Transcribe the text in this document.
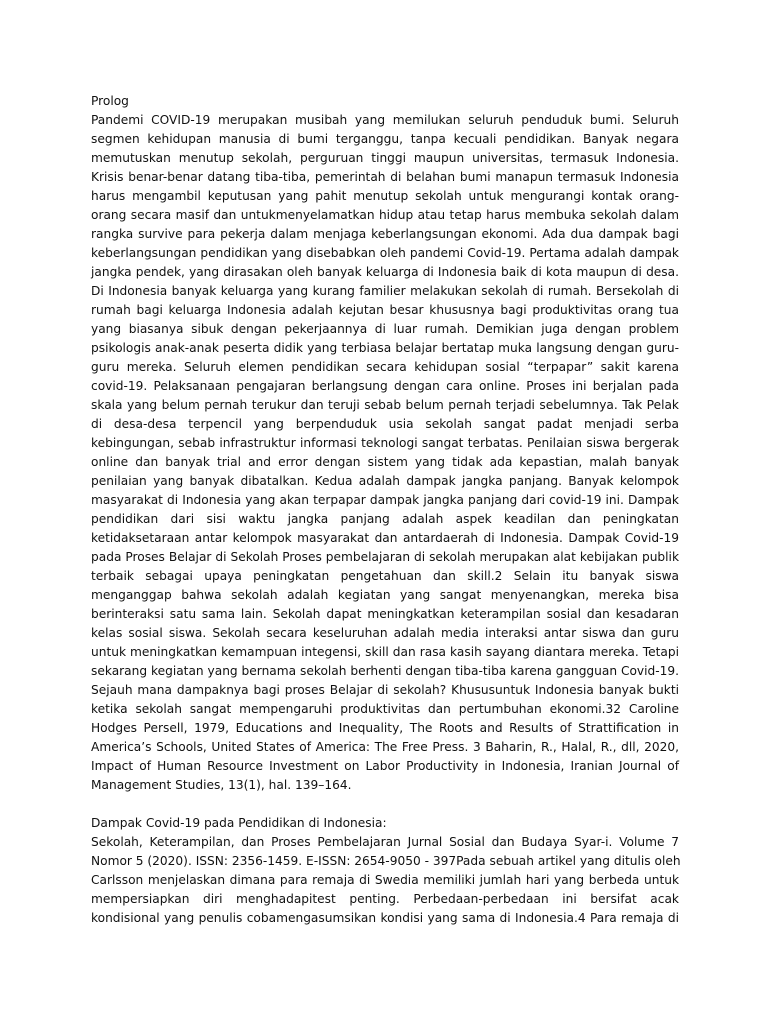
Prolog

Pandemi COVID-19 merupakan musibah yang memilukan seluruh penduduk bumi. Seluruh
segmen kehidupan manusia di bumi terganggu, tanpa kecuali pendidikan. Banyak negara
memutuskan menutup sekolah, perguruan tinggi maupun universitas, termasuk Indonesia.
Krisis benar-benar datang tiba-tiba, pemerintah di belahan bumi manapun termasuk Indonesia
harus mengambil keputusan yang pahit menutup sekolah untuk mengurangi kontak orang-
orang secara masif dan untukmenyelamatkan hidup atau tetap harus membuka sekolah dalam
rangka survive para pekerja dalam menjaga keberlangsungan ekonomi. Ada dua dampak bagi
keberlangsungan pendidikan yang disebabkan oleh pandemi Covid-19. Pertama adalah dampak
jangka pendek, yang dirasakan oleh banyak keluarga di Indonesia baik di kota maupun di desa.
Di Indonesia banyak keluarga yang kurang familier melakukan sekolah di rumah. Bersekolah di
rumah bagi keluarga Indonesia adalah kejutan besar khususnya bagi produktivitas orang tua
yang biasanya sibuk dengan pekerjaannya di luar rumah. Demikian juga dengan problem
psikologis anak-anak peserta didik yang terbiasa belajar bertatap muka langsung dengan guru-
guru mereka. Seluruh elemen pendidikan secara kehidupan sosial “terpapar” sakit karena
covid-19. Pelaksanaan pengajaran berlangsung dengan cara online. Proses ini berjalan pada
skala yang belum pernah terukur dan teruji sebab belum pernah terjadi sebelumnya. Tak Pelak
di desa-desa terpencil yang berpenduduk usia sekolah sangat padat menjadi serba
kebingungan, sebab infrastruktur informasi teknologi sangat terbatas. Penilaian siswa bergerak
online dan banyak trial and error dengan sistem yang tidak ada kepastian, malah banyak
penilaian yang banyak dibatalkan. Kedua adalah dampak jangka panjang. Banyak kelompok
masyarakat di Indonesia yang akan terpapar dampak jangka panjang dari covid-19 ini. Dampak
pendidikan dari sisi waktu jangka panjang adalah aspek keadilan dan peningkatan
ketidaksetaraan antar kelompok masyarakat dan antardaerah di Indonesia. Dampak Covid-19
pada Proses Belajar di Sekolah Proses pembelajaran di sekolah merupakan alat kebijakan publik
terbaik sebagai upaya peningkatan pengetahuan dan skill.2 Selain itu banyak siswa
menganggap bahwa sekolah adalah kegiatan yang sangat menyenangkan, mereka bisa
berinteraksi satu sama lain. Sekolah dapat meningkatkan keterampilan sosial dan kesadaran
kelas sosial siswa. Sekolah secara keseluruhan adalah media interaksi antar siswa dan guru
untuk meningkatkan kemampuan integensi, skill dan rasa kasih sayang diantara mereka. Tetapi
sekarang kegiatan yang bernama sekolah berhenti dengan tiba-tiba karena gangguan Covid-19.
Sejauh mana dampaknya bagi proses Belajar di sekolah? Khususuntuk Indonesia banyak bukti
ketika sekolah sangat mempengaruhi produktivitas dan pertumbuhan ekonomi.32 Caroline
Hodges Persell, 1979, Educations and Inequality, The Roots and Results of Strattification in
America’s Schools, United States of America: The Free Press. 3 Baharin, R., Halal, R., dll, 2020,
Impact of Human Resource Investment on Labor Productivity in Indonesia, Iranian Journal of
Management Studies, 13(1), hal. 139–164.

Dampak Covid-19 pada Pendidikan di Indonesia:

Sekolah, Keterampilan, dan Proses Pembelajaran Jurnal Sosial dan Budaya Syar-i. Volume 7
Nomor 5 (2020). ISSN: 2356-1459. E-ISSN: 2654-9050 - 397Pada sebuah artikel yang ditulis oleh
Carlsson menjelaskan dimana para remaja di Swedia memiliki jumlah hari yang berbeda untuk
mempersiapkan diri menghadapitest penting. Perbedaan-perbedaan ini bersifat acak
kondisional yang penulis cobamengasumsikan kondisi yang sama di Indonesia.4 Para remaja di
